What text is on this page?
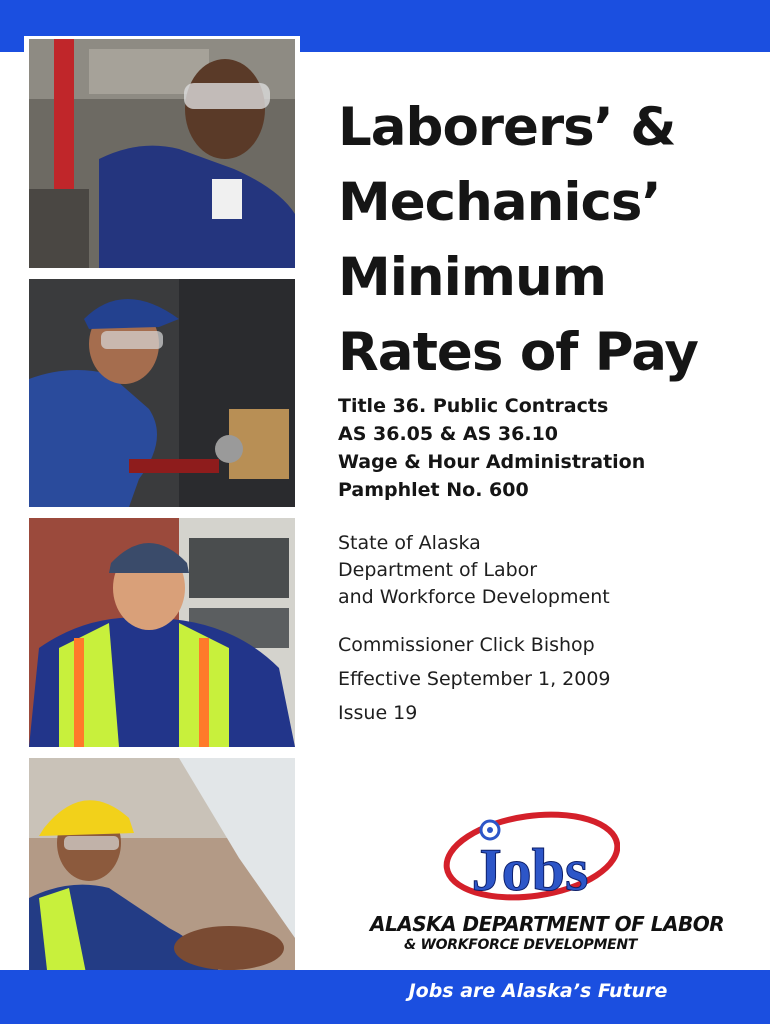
Laborers’ &
Mechanics’
Minimum
Rates of Pay
Title 36. Public Contracts
AS 36.05 & AS 36.10
Wage & Hour Administration
Pamphlet No. 600
State of Alaska
Department of Labor
and Workforce Development
Commissioner Click Bishop
Effective September 1, 2009
Issue 19
Jobs
ALASKA DEPARTMENT OF LABOR
& WORKFORCE DEVELOPMENT
Jobs are Alaska’s Future
